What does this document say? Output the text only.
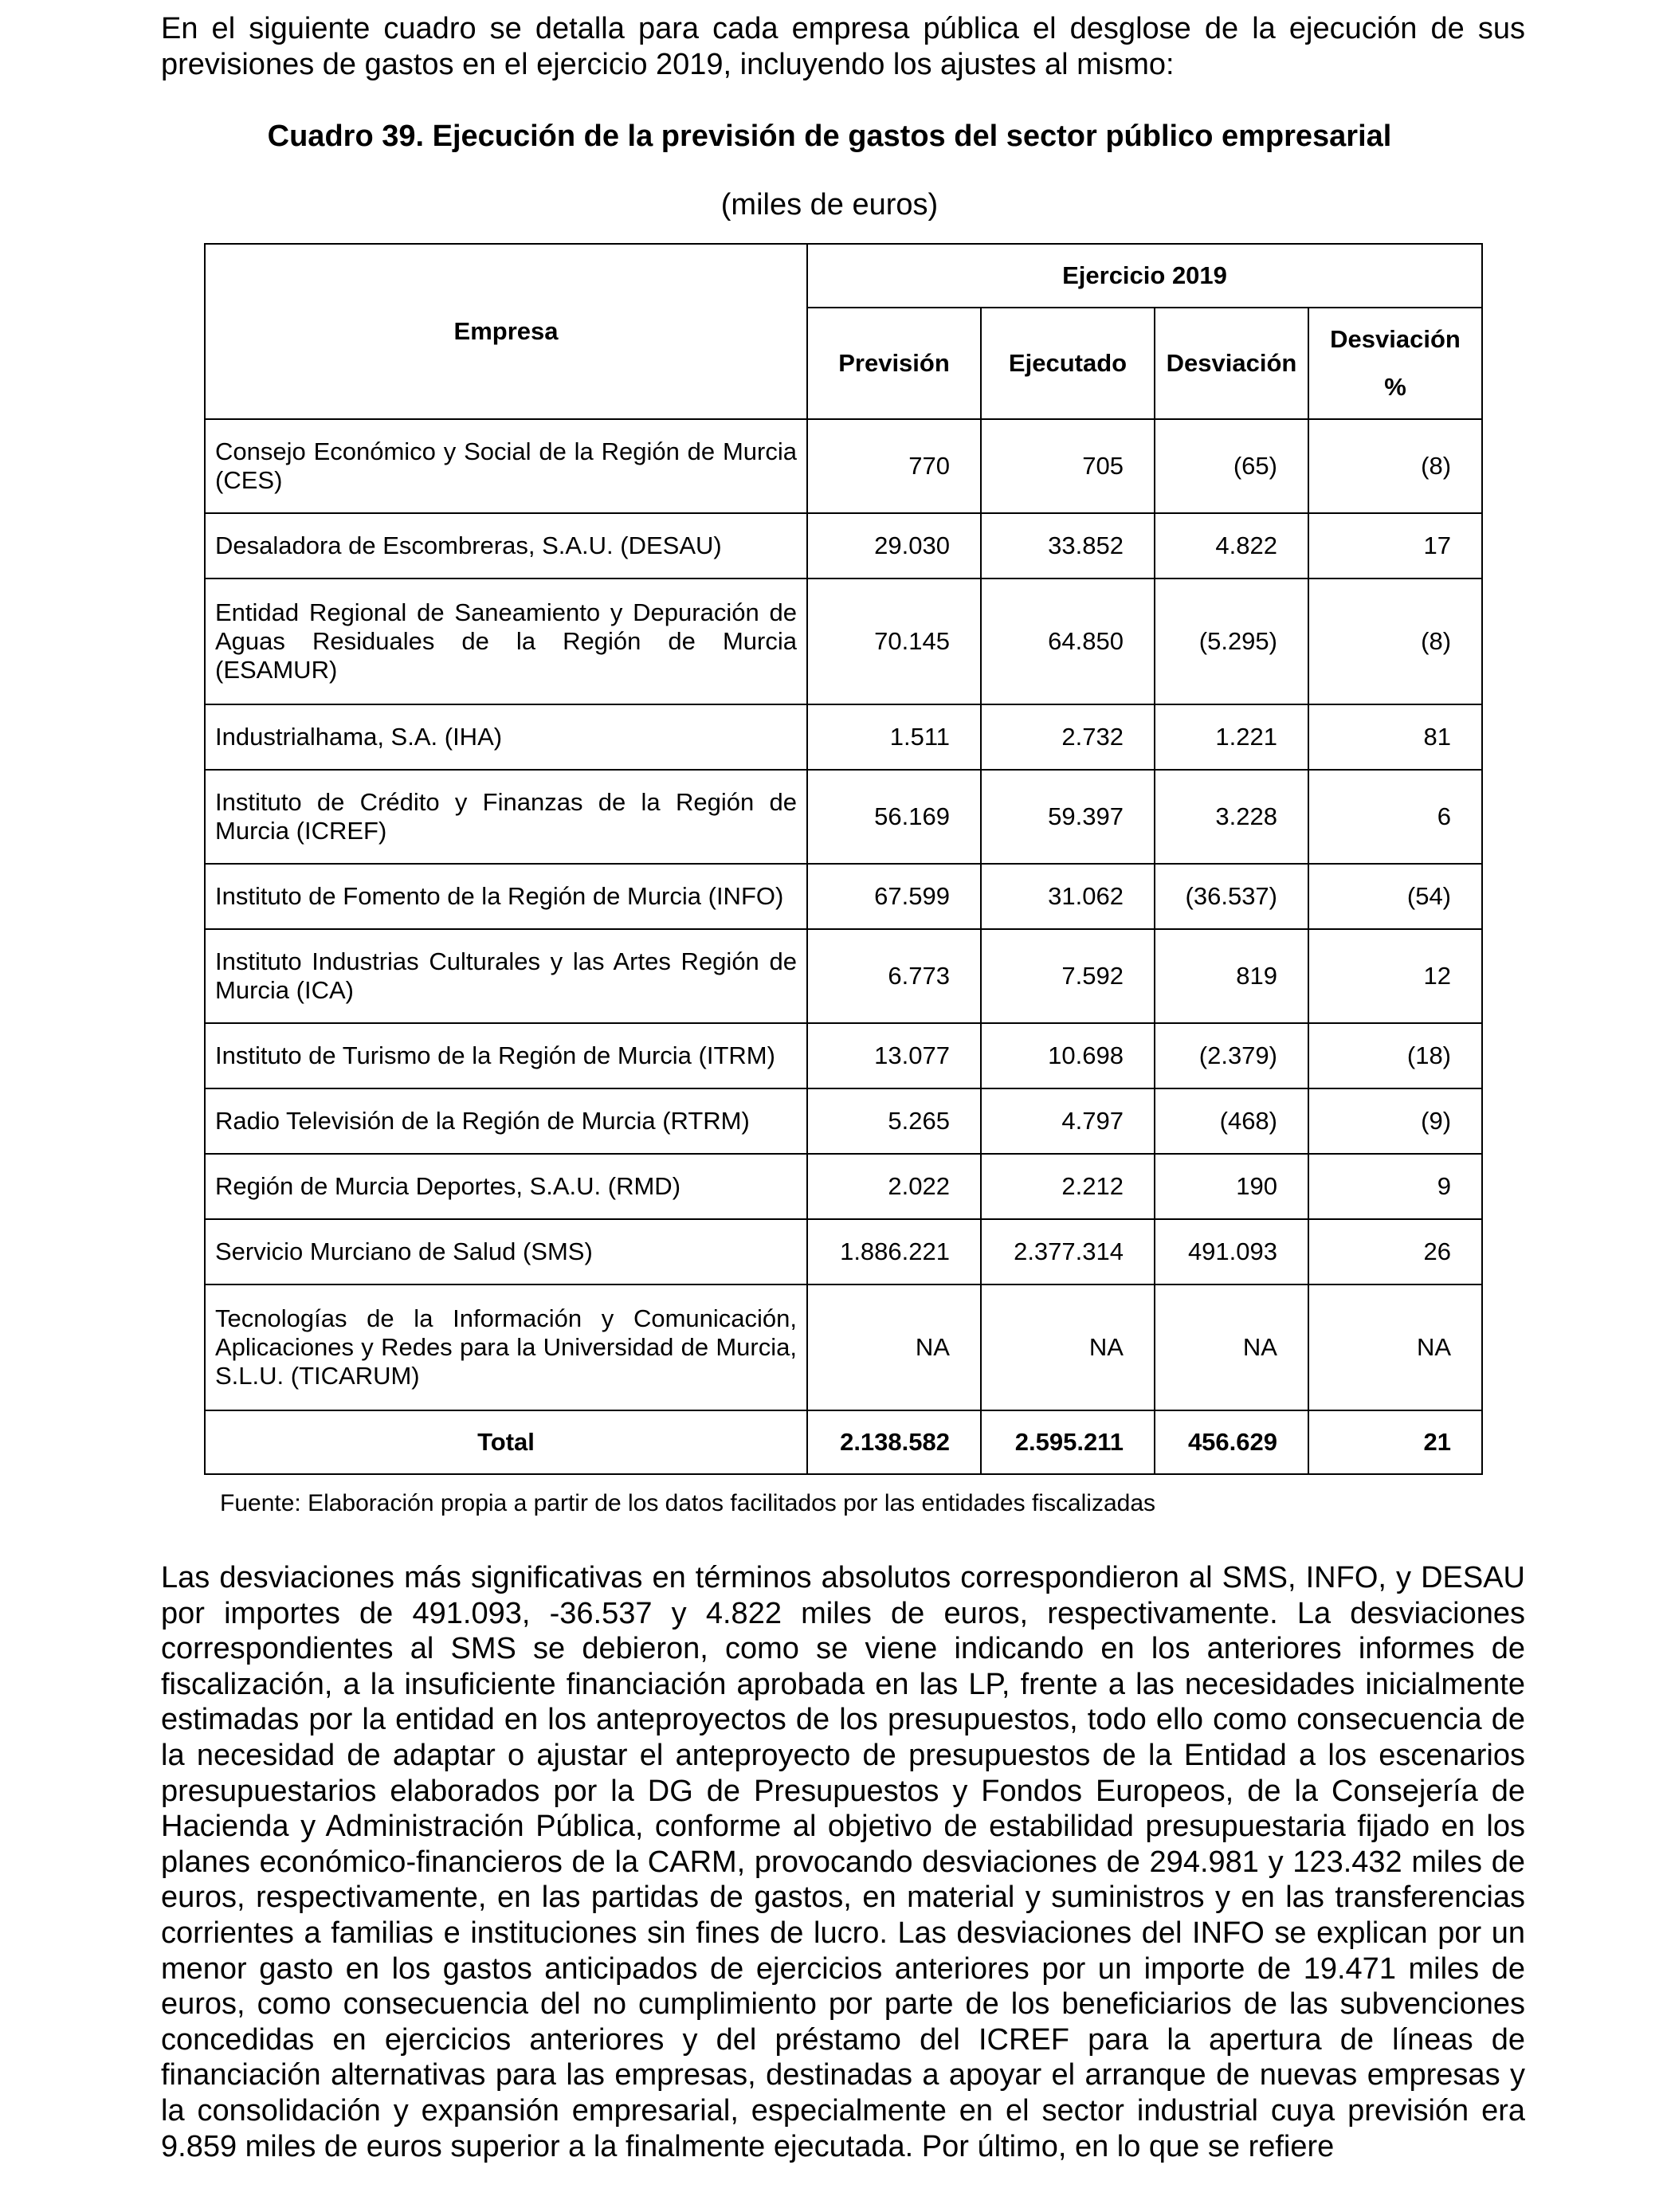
En el siguiente cuadro se detalla para cada empresa pública el desglose de la ejecución de sus previsiones de gastos en el ejercicio 2019, incluyendo los ajustes al mismo:

Cuadro 39. Ejecución de la previsión de gastos del sector público empresarial

(miles de euros)
Empresa	Ejercicio 2019			
	Previsión	Ejecutado	Desviación	Desviación
%
Consejo Económico y Social de la Región de Murcia (CES)	770	705	(65)	(8)
Desaladora de Escombreras, S.A.U. (DESAU)	29.030	33.852	4.822	17
Entidad Regional de Saneamiento y Depuración de Aguas Residuales de la Región de Murcia (ESAMUR)	70.145	64.850	(5.295)	(8)
Industrialhama, S.A. (IHA)	1.511	2.732	1.221	81
Instituto de Crédito y Finanzas de la Región de Murcia (ICREF)	56.169	59.397	3.228	6
Instituto de Fomento de la Región de Murcia (INFO)	67.599	31.062	(36.537)	(54)
Instituto Industrias Culturales y las Artes Región de Murcia (ICA)	6.773	7.592	819	12
Instituto de Turismo de la Región de Murcia (ITRM)	13.077	10.698	(2.379)	(18)
Radio Televisión de la Región de Murcia (RTRM)	5.265	4.797	(468)	(9)
Región de Murcia Deportes, S.A.U. (RMD)	2.022	2.212	190	9
Servicio Murciano de Salud (SMS)	1.886.221	2.377.314	491.093	26
Tecnologías de la Información y Comunicación, Aplicaciones y Redes para la Universidad de Murcia, S.L.U. (TICARUM)	NA	NA	NA	NA
Total	2.138.582	2.595.211	456.629	21
Fuente: Elaboración propia a partir de los datos facilitados por las entidades fiscalizadas

Las desviaciones más significativas en términos absolutos correspondieron al SMS, INFO, y DESAU por importes de 491.093, -36.537 y 4.822 miles de euros, respectivamente. La desviaciones correspondientes al SMS se debieron, como se viene indicando en los anteriores informes de fiscalización, a la insuficiente financiación aprobada en las LP, frente a las necesidades inicialmente estimadas por la entidad en los anteproyectos de los presupuestos, todo ello como consecuencia de la necesidad de adaptar o ajustar el anteproyecto de presupuestos de la Entidad a los escenarios presupuestarios elaborados por la DG de Presupuestos y Fondos Europeos, de la Consejería de Hacienda y Administración Pública, conforme al objetivo de estabilidad presupuestaria fijado en los planes económico-financieros de la CARM, provocando desviaciones de 294.981 y 123.432 miles de euros, respectivamente, en las partidas de gastos, en material y suministros y en las transferencias corrientes a familias e instituciones sin fines de lucro. Las desviaciones del INFO se explican por un menor gasto en los gastos anticipados de ejercicios anteriores por un importe de 19.471 miles de euros, como consecuencia del no cumplimiento por parte de los beneficiarios de las subvenciones concedidas en ejercicios anteriores y del préstamo del ICREF para la apertura de líneas de financiación alternativas para las empresas, destinadas a apoyar el arranque de nuevas empresas y la consolidación y expansión empresarial, especialmente en el sector industrial cuya previsión era 9.859 miles de euros superior a la finalmente ejecutada. Por último, en lo que se refiere
